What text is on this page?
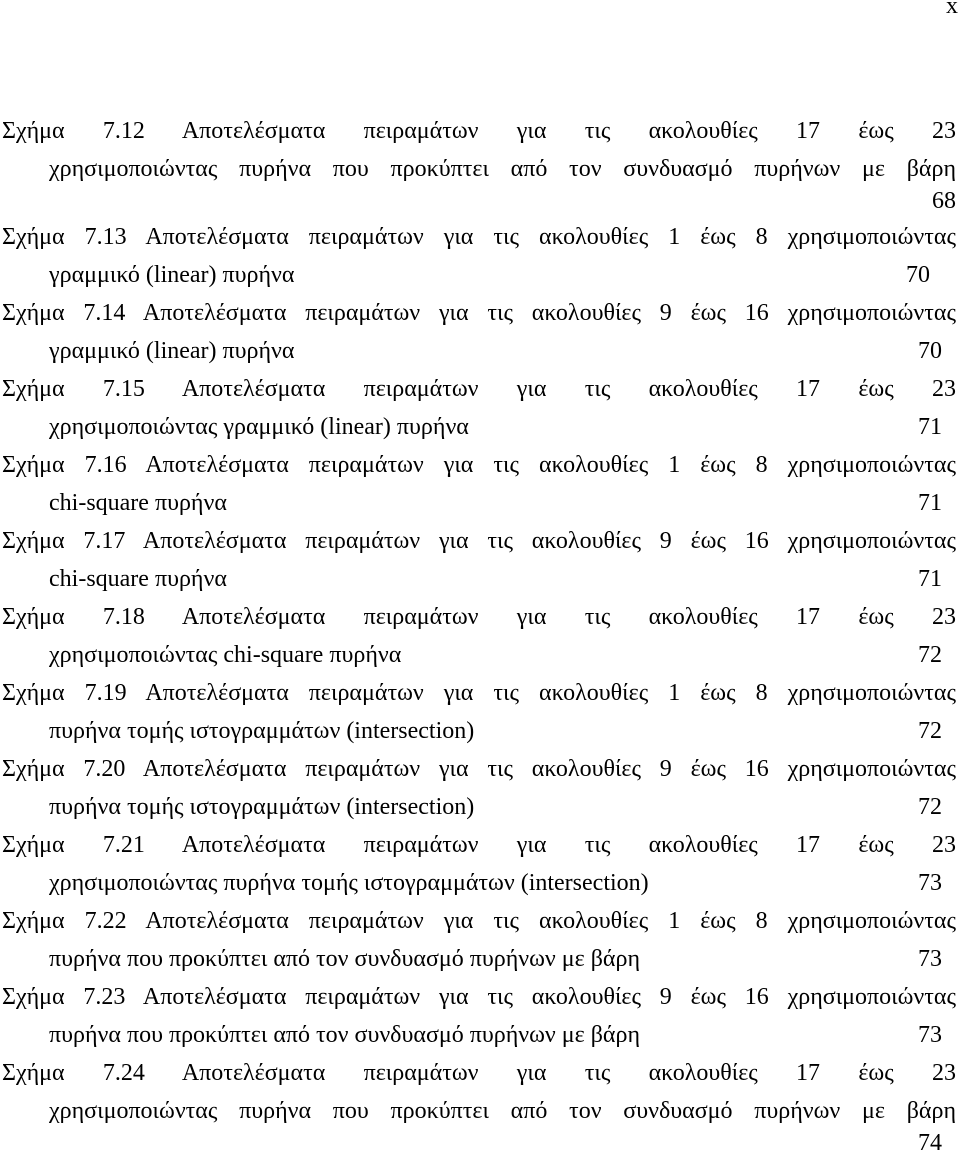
x
Σχήμα 7.12 Αποτελέσματα πειραμάτων για τις ακολουθίες 17 έως 23
χρησιμοποιώντας πυρήνα που προκύπτει από τον συνδυασμό πυρήνων με βάρη
68
Σχήμα 7.13 Αποτελέσματα πειραμάτων για τις ακολουθίες 1 έως 8 χρησιμοποιώντας
γραμμικό (linear) πυρήνα	70
Σχήμα 7.14 Αποτελέσματα πειραμάτων για τις ακολουθίες 9 έως 16 χρησιμοποιώντας
γραμμικό (linear) πυρήνα	70
Σχήμα 7.15 Αποτελέσματα πειραμάτων για τις ακολουθίες 17 έως 23
χρησιμοποιώντας γραμμικό (linear) πυρήνα	71
Σχήμα 7.16 Αποτελέσματα πειραμάτων για τις ακολουθίες 1 έως 8 χρησιμοποιώντας
chi-square πυρήνα	71
Σχήμα 7.17 Αποτελέσματα πειραμάτων για τις ακολουθίες 9 έως 16 χρησιμοποιώντας
chi-square πυρήνα	71
Σχήμα 7.18 Αποτελέσματα πειραμάτων για τις ακολουθίες 17 έως 23
χρησιμοποιώντας chi-square πυρήνα	72
Σχήμα 7.19 Αποτελέσματα πειραμάτων για τις ακολουθίες 1 έως 8 χρησιμοποιώντας
πυρήνα τομής ιστογραμμάτων (intersection)	72
Σχήμα 7.20 Αποτελέσματα πειραμάτων για τις ακολουθίες 9 έως 16 χρησιμοποιώντας
πυρήνα τομής ιστογραμμάτων (intersection)	72
Σχήμα 7.21 Αποτελέσματα πειραμάτων για τις ακολουθίες 17 έως 23
χρησιμοποιώντας πυρήνα τομής ιστογραμμάτων (intersection)	73
Σχήμα 7.22 Αποτελέσματα πειραμάτων για τις ακολουθίες 1 έως 8 χρησιμοποιώντας
πυρήνα που προκύπτει από τον συνδυασμό πυρήνων με βάρη	73
Σχήμα 7.23 Αποτελέσματα πειραμάτων για τις ακολουθίες 9 έως 16 χρησιμοποιώντας
πυρήνα που προκύπτει από τον συνδυασμό πυρήνων με βάρη	73
Σχήμα 7.24 Αποτελέσματα πειραμάτων για τις ακολουθίες 17 έως 23
χρησιμοποιώντας πυρήνα που προκύπτει από τον συνδυασμό πυρήνων με βάρη
74
